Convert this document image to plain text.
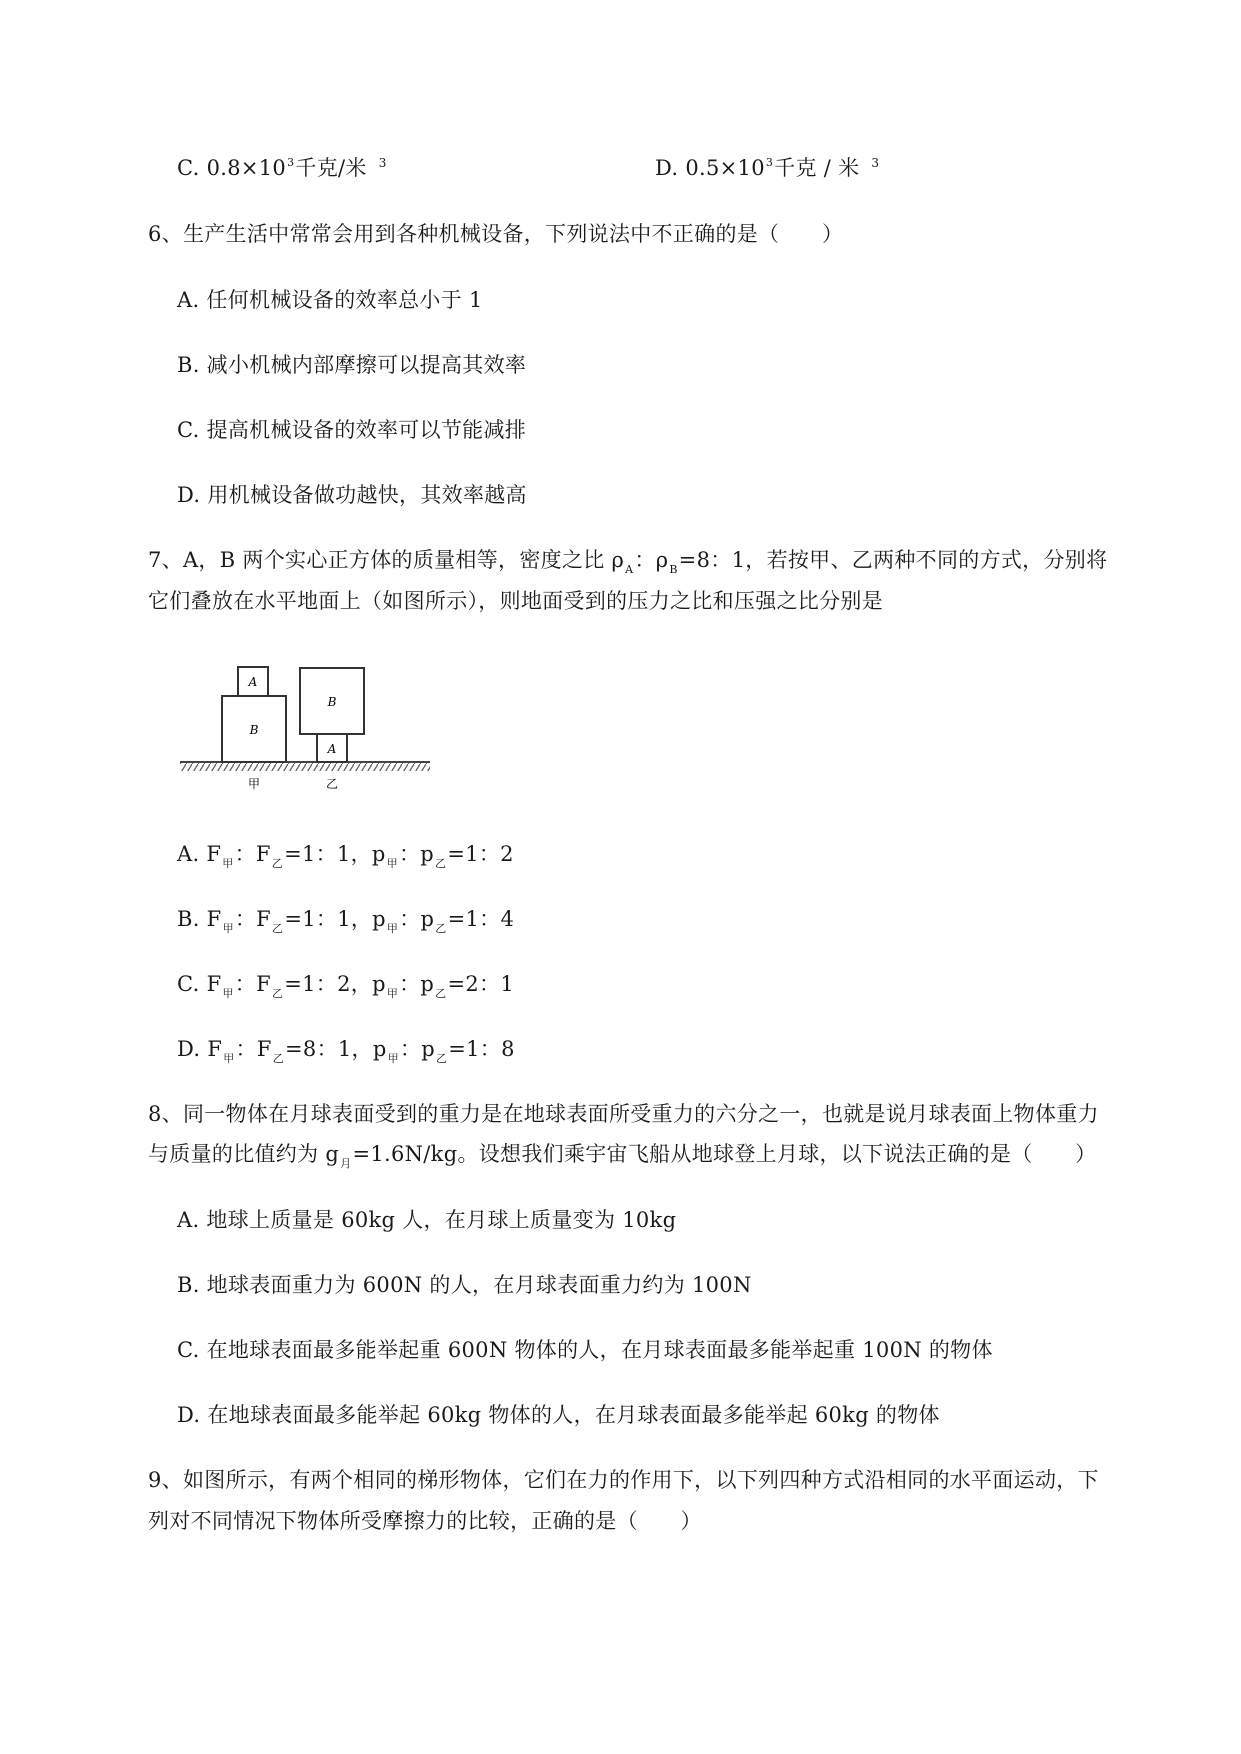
C. $0.8\times 10^3$千克/米 $^3$	D. $0.5\times 10^3$千克 / 米 $^3$
6、生产生活中常常会用到各种机械设备，下列说法中不正确的是（　　）
A. 任何机械设备的效率总小于 1
B. 减小机械内部摩擦可以提高其效率
C. 提高机械设备的效率可以节能减排
D. 用机械设备做功越快，其效率越高
7、A，B 两个实心正方体的质量相等，密度之比 $\rho_A$：$\rho_B=8$：1，若按甲、乙两种不同的方式，分别将
它们叠放在水平地面上（如图所示），则地面受到的压力之比和压强之比分别是
A
B
B
A
甲	乙
A. $F_甲$：$F_乙=1$：1，$p_甲$：$p_乙=1$：2
B. $F_甲$：$F_乙=1$：1，$p_甲$：$p_乙=1$：4
C. $F_甲$：$F_乙=1$：2，$p_甲$：$p_乙=2$：1
D. $F_甲$：$F_乙=8$：1，$p_甲$：$p_乙=1$：8
8、同一物体在月球表面受到的重力是在地球表面所受重力的六分之一，也就是说月球表面上物体重力
与质量的比值约为 $g_月=1.6N/kg$。设想我们乘宇宙飞船从地球登上月球，以下说法正确的是（　　）
A. 地球上质量是 60kg 人，在月球上质量变为 10kg
B. 地球表面重力为 600N 的人，在月球表面重力约为 100N
C. 在地球表面最多能举起重 600N 物体的人，在月球表面最多能举起重 100N 的物体
D. 在地球表面最多能举起 60kg 物体的人，在月球表面最多能举起 60kg 的物体
9、如图所示，有两个相同的梯形物体，它们在力的作用下，以下列四种方式沿相同的水平面运动，下
列对不同情况下物体所受摩擦力的比较，正确的是（　　）
